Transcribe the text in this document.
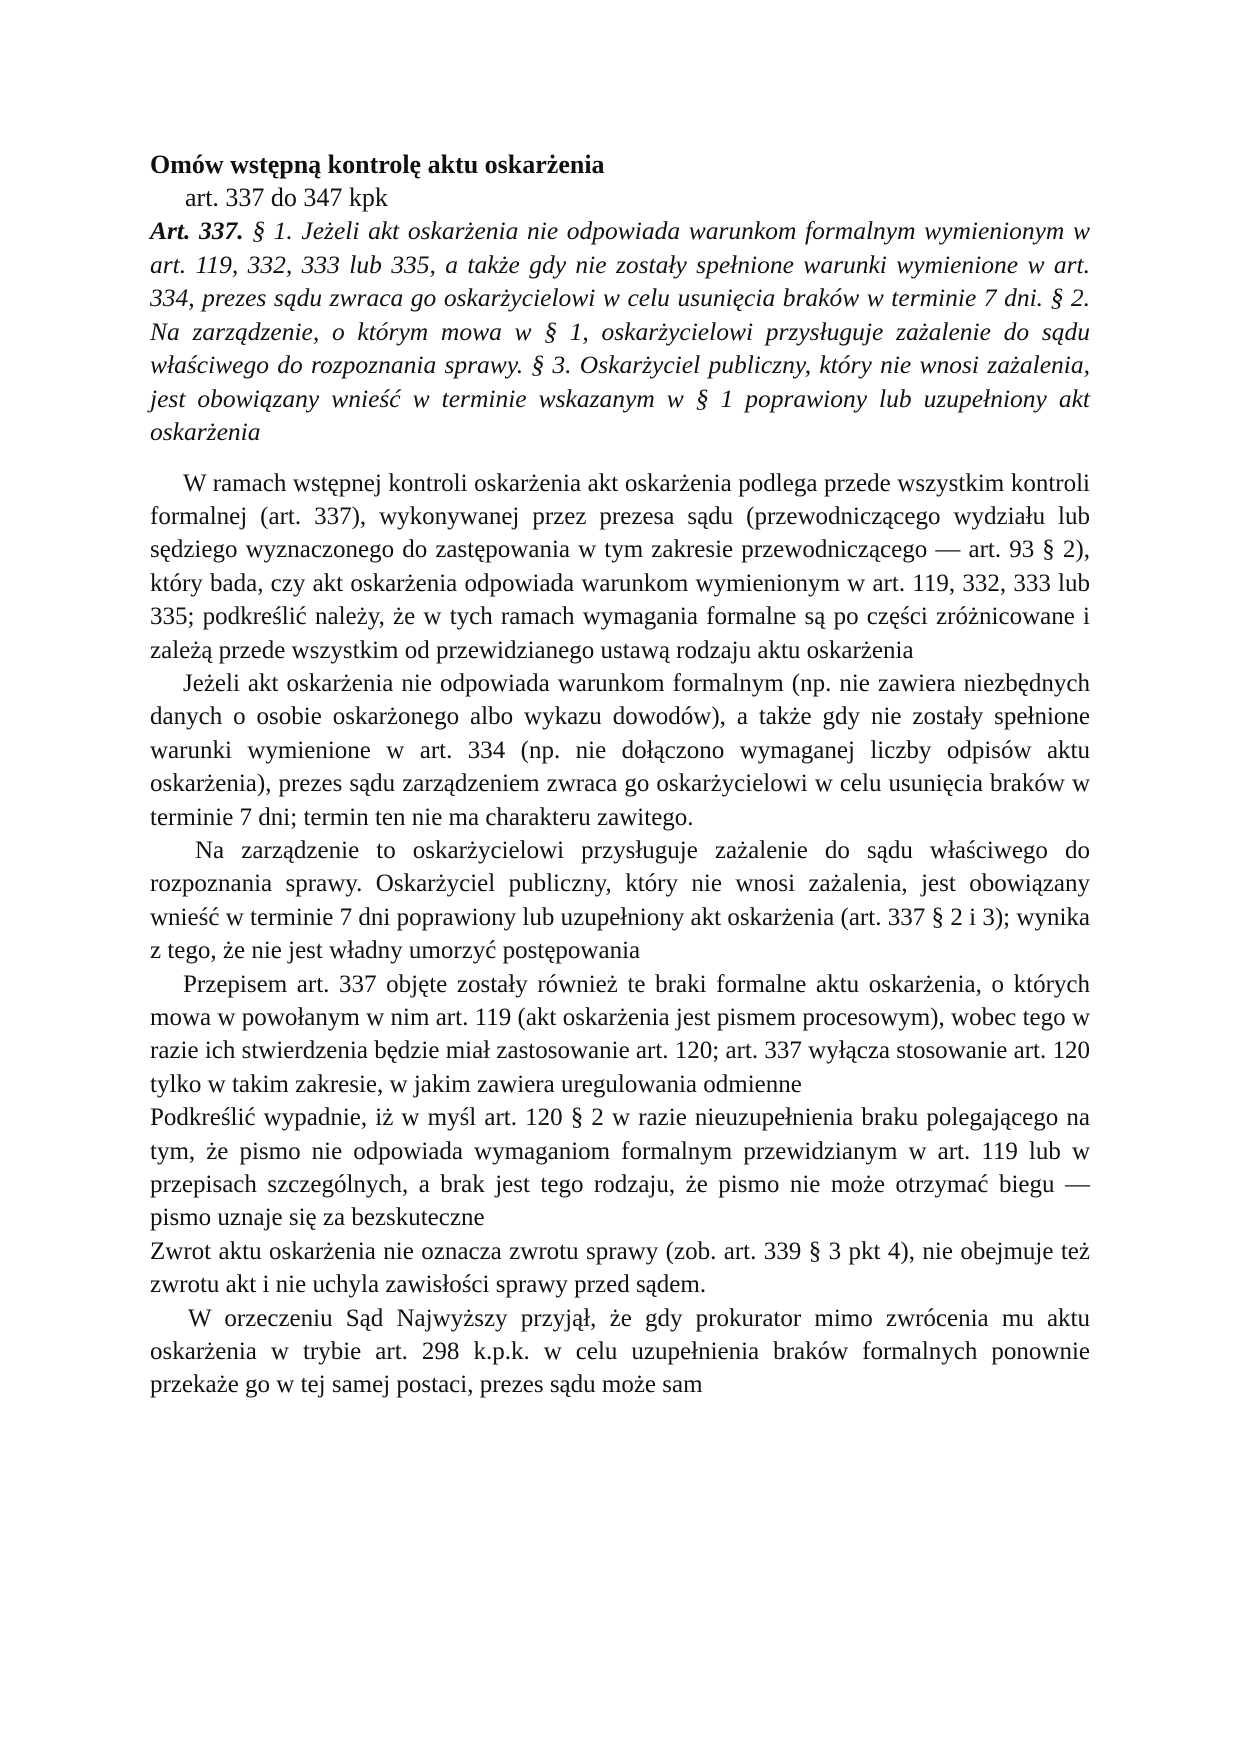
Omów wstępną kontrolę aktu oskarżenia
art. 337 do 347 kpk
Art. 337. § 1. Jeżeli akt oskarżenia nie odpowiada warunkom formalnym wymienionym w art. 119, 332, 333 lub 335, a także gdy nie zostały spełnione warunki wymienione w art. 334, prezes sądu zwraca go oskarżycielowi w celu usunięcia braków w terminie 7 dni. § 2. Na zarządzenie, o którym mowa w § 1, oskarżycielowi przysługuje zażalenie do sądu właściwego do rozpoznania sprawy. § 3. Oskarżyciel publiczny, który nie wnosi zażalenia, jest obowiązany wnieść w terminie wskazanym w § 1 poprawiony lub uzupełniony akt oskarżenia

W ramach wstępnej kontroli oskarżenia akt oskarżenia podlega przede wszystkim kontroli formalnej (art. 337), wykonywanej przez prezesa sądu (przewodniczącego wydziału lub sędziego wyznaczonego do zastępowania w tym zakresie przewodniczącego — art. 93 § 2), który bada, czy akt oskarżenia odpowiada warunkom wymienionym w art. 119, 332, 333 lub 335; podkreślić należy, że w tych ramach wymagania formalne są po części zróżnicowane i zależą przede wszystkim od przewidzianego ustawą rodzaju aktu oskarżenia

Jeżeli akt oskarżenia nie odpowiada warunkom formalnym (np. nie zawiera niezbędnych danych o osobie oskarżonego albo wykazu dowodów), a także gdy nie zostały spełnione warunki wymienione w art. 334 (np. nie dołączono wymaganej liczby odpisów aktu oskarżenia), prezes sądu zarządzeniem zwraca go oskarżycielowi w celu usunięcia braków w terminie 7 dni; termin ten nie ma charakteru zawitego.

Na zarządzenie to oskarżycielowi przysługuje zażalenie do sądu właściwego do rozpoznania sprawy. Oskarżyciel publiczny, który nie wnosi zażalenia, jest obowiązany wnieść w terminie 7 dni poprawiony lub uzupełniony akt oskarżenia (art. 337 § 2 i 3); wynika z tego, że nie jest władny umorzyć postępowania

Przepisem art. 337 objęte zostały również te braki formalne aktu oskarżenia, o których mowa w powołanym w nim art. 119 (akt oskarżenia jest pismem procesowym), wobec tego w razie ich stwierdzenia będzie miał zastosowanie art. 120; art. 337 wyłącza stosowanie art. 120 tylko w takim zakresie, w jakim zawiera uregulowania odmienne

Podkreślić wypadnie, iż w myśl art. 120 § 2 w razie nieuzupełnienia braku polegającego na tym, że pismo nie odpowiada wymaganiom formalnym przewidzianym w art. 119 lub w przepisach szczególnych, a brak jest tego rodzaju, że pismo nie może otrzymać biegu — pismo uznaje się za bezskuteczne

Zwrot aktu oskarżenia nie oznacza zwrotu sprawy (zob. art. 339 § 3 pkt 4), nie obejmuje też zwrotu akt i nie uchyla zawisłości sprawy przed sądem.

W orzeczeniu Sąd Najwyższy przyjął, że gdy prokurator mimo zwrócenia mu aktu oskarżenia w trybie art. 298 k.p.k. w celu uzupełnienia braków formalnych ponownie przekaże go w tej samej postaci, prezes sądu może sam
